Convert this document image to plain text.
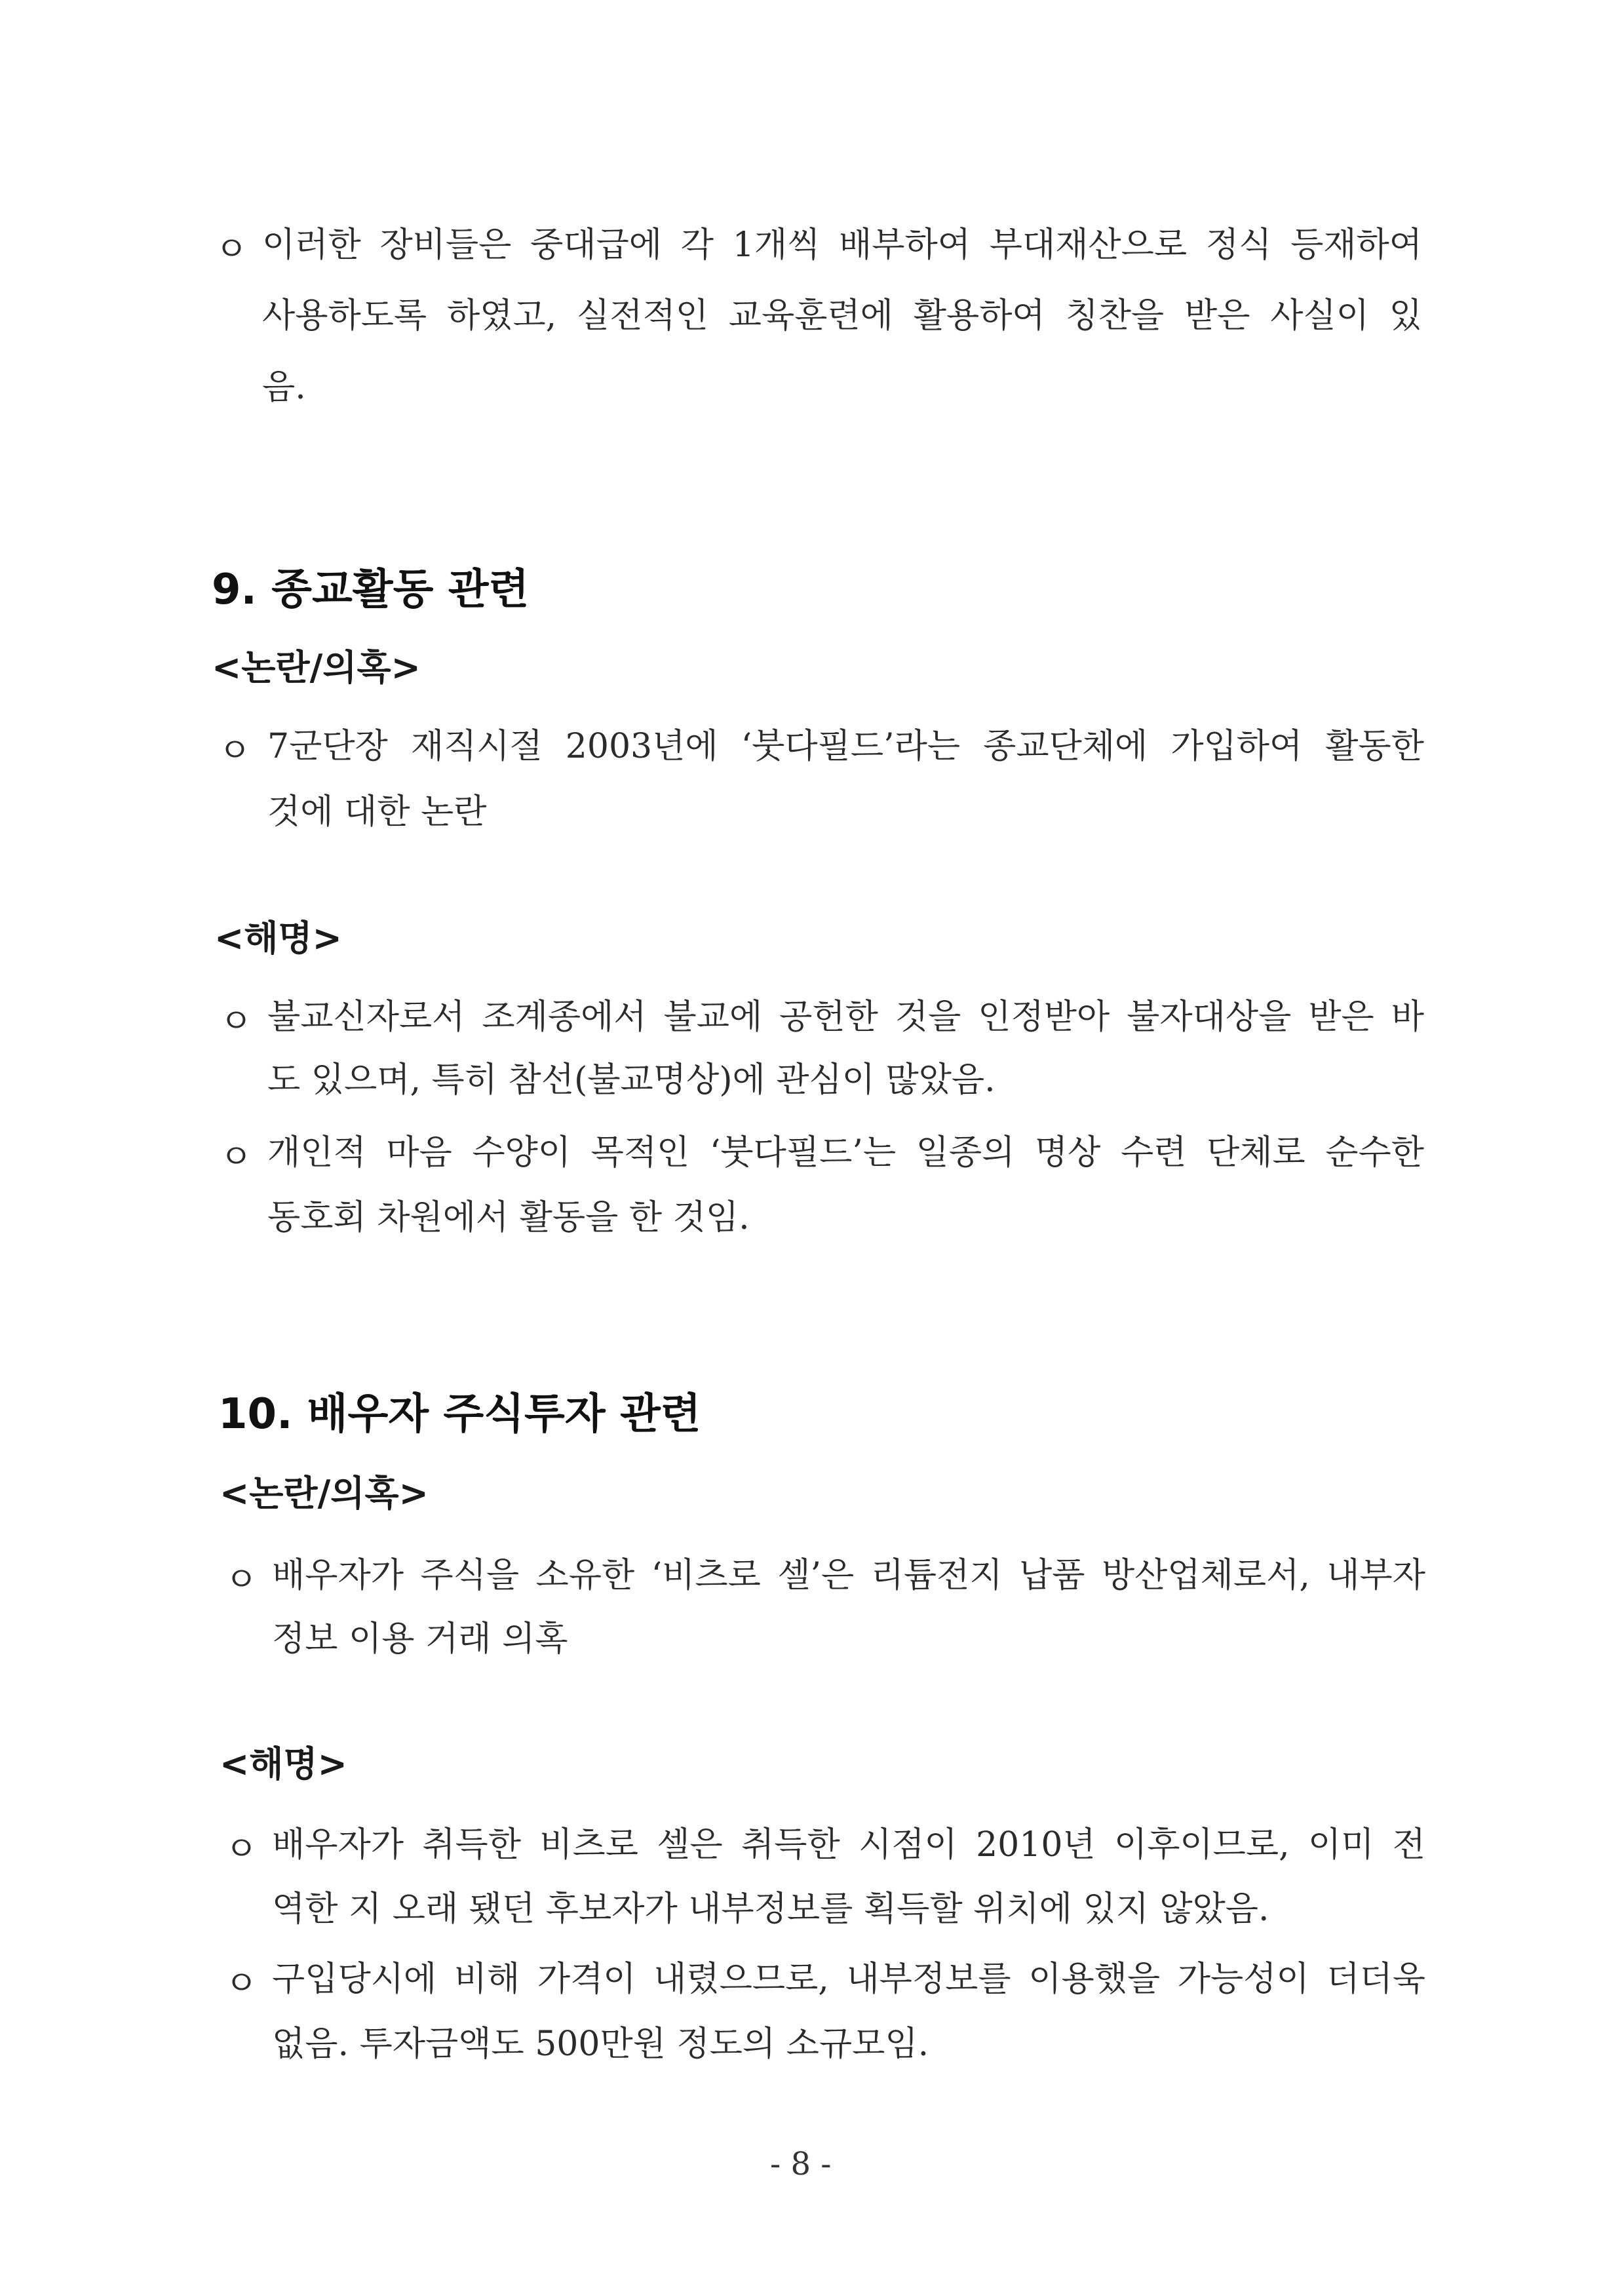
ㅇ 이러한 장비들은 중대급에 각 1개씩 배부하여 부대재산으로 정식 등재하여
사용하도록 하였고, 실전적인 교육훈련에 활용하여 칭찬을 받은 사실이 있
음.
9. 종교활동 관련
<논란/의혹>
ㅇ 7군단장 재직시절 2003년에 ‘붓다필드’라는 종교단체에 가입하여 활동한
것에 대한 논란
<해명>
ㅇ 불교신자로서 조계종에서 불교에 공헌한 것을 인정받아 불자대상을 받은 바
도 있으며, 특히 참선(불교명상)에 관심이 많았음.
ㅇ 개인적 마음 수양이 목적인 ‘붓다필드’는 일종의 명상 수련 단체로 순수한
동호회 차원에서 활동을 한 것임.
10. 배우자 주식투자 관련
<논란/의혹>
ㅇ 배우자가 주식을 소유한 ‘비츠로 셀’은 리튬전지 납품 방산업체로서, 내부자
정보 이용 거래 의혹
<해명>
ㅇ 배우자가 취득한 비츠로 셀은 취득한 시점이 2010년 이후이므로, 이미 전
역한 지 오래 됐던 후보자가 내부정보를 획득할 위치에 있지 않았음.
ㅇ 구입당시에 비해 가격이 내렸으므로, 내부정보를 이용했을 가능성이 더더욱
없음. 투자금액도 500만원 정도의 소규모임.
- 8 -
